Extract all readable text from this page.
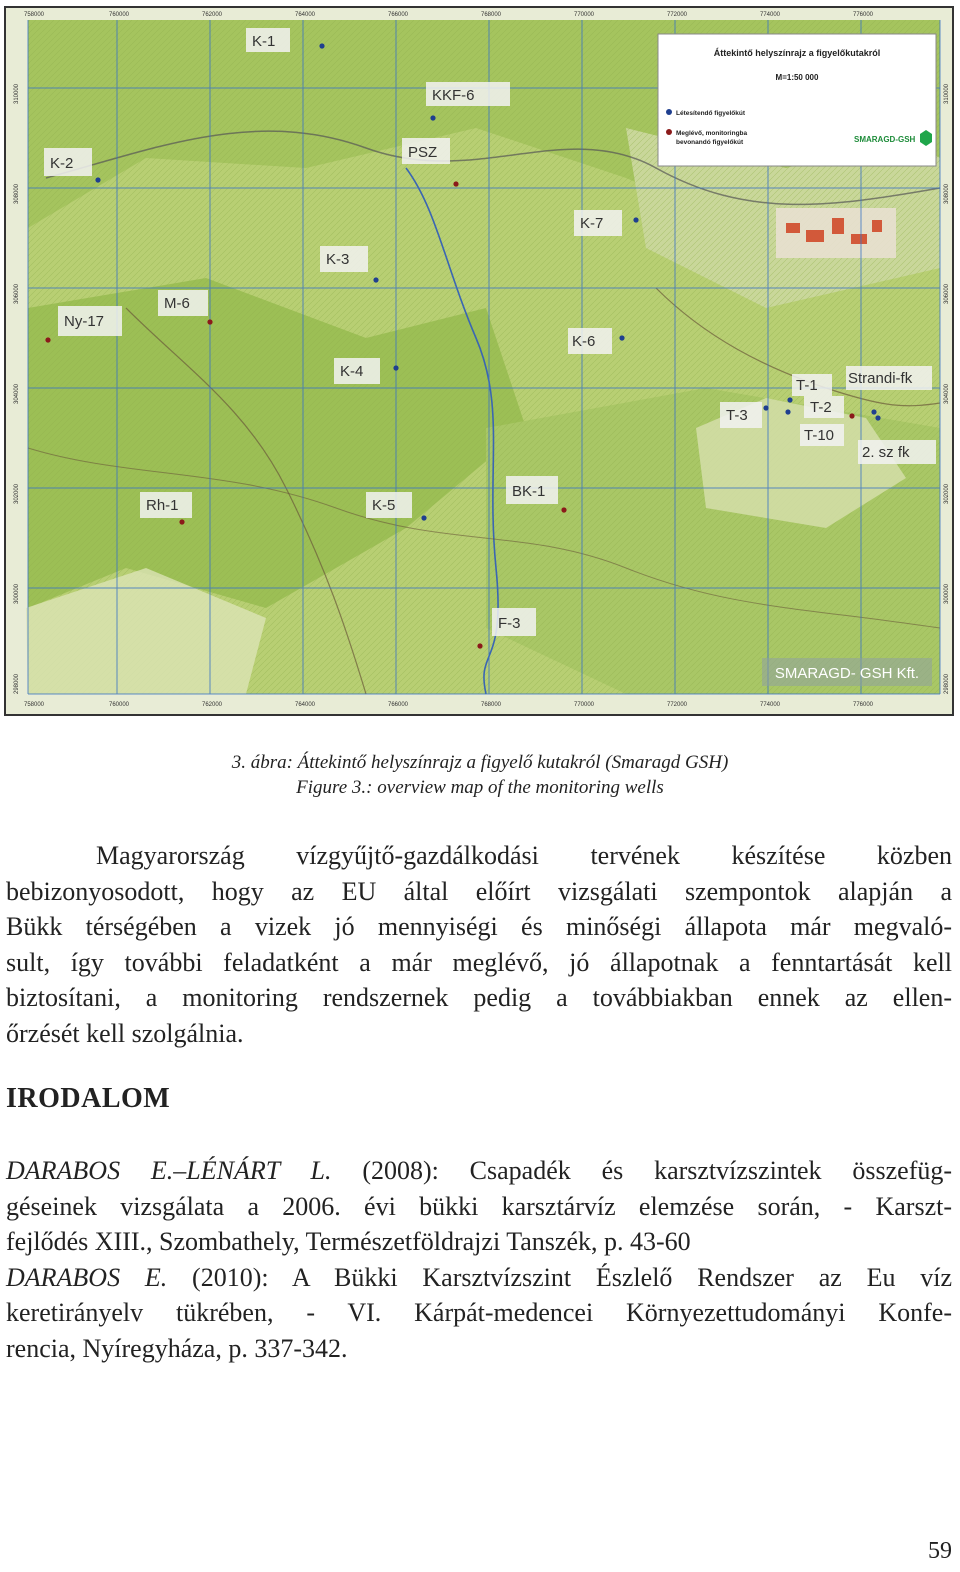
758000	760000	762000	764000	766000	768000	770000	772000	774000	776000
758000	760000	762000	764000	766000	768000	770000	772000	774000	776000
310000
308000
306000
304000
302000
300000
298000
310000
308000
306000
304000
302000
300000
298000
Áttekintő helyszínrajz a figyelőkutakról
M=1:50 000
Létesítendő figyelőkút
Meglévő, monitoringba
bevonandó figyelőkút	SMARAGD-GSH
SMARAGD- GSH Kft.
K-1
KKF-6
K-2
PSZ
K-7
K-3
M-6
Ny-17
K-6
K-4	Strandi-fk
T-1
T-2
T-3
T-10
2. sz fk
BK-1
Rh-1	K-5
F-3
3. ábra: Áttekintő helyszínrajz a figyelő kutakról (Smaragd GSH)
Figure 3.: overview map of the monitoring wells
Magyarország vízgyűjtő-gazdálkodási tervének készítése közben
bebizonyosodott, hogy az EU által előírt vizsgálati szempontok alapján a
Bükk térségében a vizek jó mennyiségi és minőségi állapota már megvaló-
sult, így további feladatként a már meglévő, jó állapotnak a fenntartását kell
biztosítani, a monitoring rendszernek pedig a továbbiakban ennek az ellen-
őrzését kell szolgálnia.
IRODALOM
DARABOS E.–LÉNÁRT L. (2008): Csapadék és karsztvízszintek összefüg-
géseinek vizsgálata a 2006. évi bükki karsztárvíz elemzése során, - Karszt-
fejlődés XIII., Szombathely, Természetföldrajzi Tanszék, p. 43-60
DARABOS E. (2010): A Bükki Karsztvízszint Észlelő Rendszer az Eu víz
keretirányelv tükrében, - VI. Kárpát-medencei Környezettudományi Konfe-
rencia, Nyíregyháza, p. 337-342.
59
